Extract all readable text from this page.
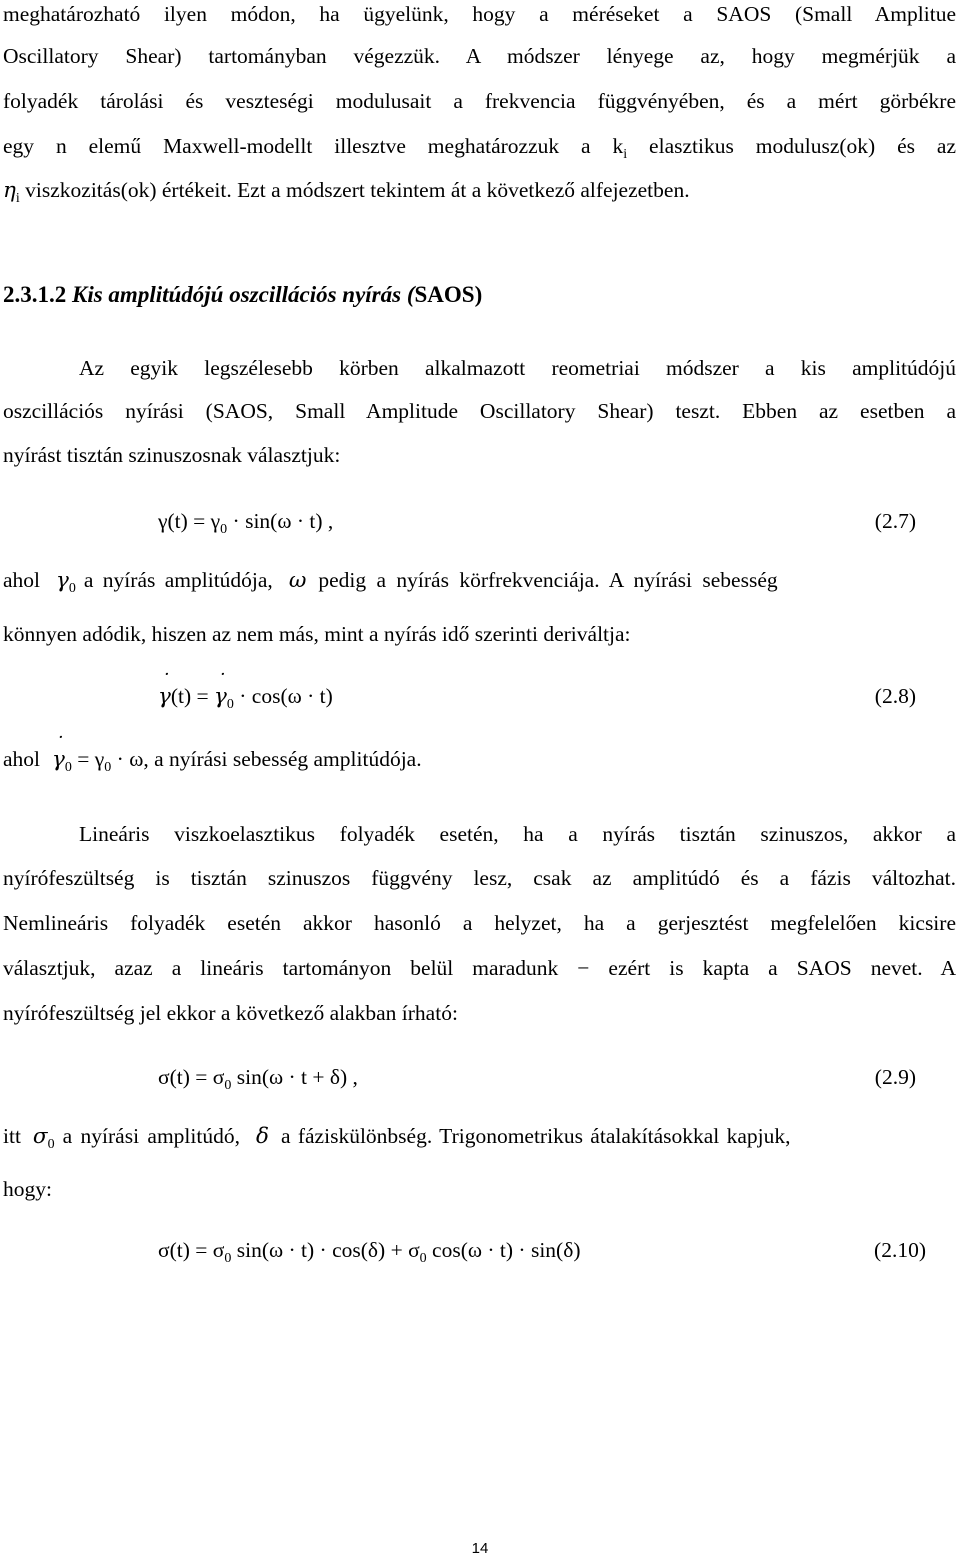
meghatározható ilyen módon, ha ügyelünk, hogy a méréseket a SAOS (Small Amplitue
Oscillatory Shear) tartományban végezzük. A módszer lényege az, hogy megmérjük a
folyadék tárolási és veszteségi modulusait a frekvencia függvényében, és a mért görbékre
egy n elemű Maxwell-modellt illesztve meghatározzuk a $k_i$ elasztikus modulusz(ok) és az
$\eta_i$ viszkozitás(ok) értékeit. Ezt a módszert tekintem át a következő alfejezetben.
2.3.1.2 Kis amplitúdójú oszcillációs nyírás (SAOS)
Az egyik legszélesebb körben alkalmazott reometriai módszer a kis amplitúdójú
oszcillációs nyírási (SAOS, Small Amplitude Oscillatory Shear) teszt. Ebben az esetben a
nyírást tisztán szinuszosnak választjuk:
$\gamma(t) = \gamma_0 \cdot \sin(\omega \cdot t)$ ,	(2.7)
ahol $\gamma_0$ a nyírás amplitúdója, ω pedig a nyírás körfrekvenciája. A nyírási sebesség
könnyen adódik, hiszen az nem más, mint a nyírás idő szerinti deriváltja:
γ ˙(t) = γ $˙_0 \cdot \cos(\omega \cdot t)$	(2.8)
ahol γ $˙_0 = \gamma_0 \cdot \omega$, a nyírási sebesség amplitúdója.
Lineáris viszkoelasztikus folyadék esetén, ha a nyírás tisztán szinuszos, akkor a
nyírófeszültség is tisztán szinuszos függvény lesz, csak az amplitúdó és a fázis változhat.
Nemlineáris folyadék esetén akkor hasonló a helyzet, ha a gerjesztést megfelelően kicsire
választjuk, azaz a lineáris tartományon belül maradunk − ezért is kapta a SAOS nevet. A
nyírófeszültség jel ekkor a következő alakban írható:
$\sigma(t) = \sigma_0$ sin(ω · t + δ) ,	(2.9)
itt $\sigma_0$ a nyírási amplitúdó, δ a fáziskülönbség. Trigonometrikus átalakításokkal kapjuk,
hogy:
$\sigma(t) = \sigma_0$ $\sin(\omega \cdot t) \cdot \cos(\delta) + \sigma_0$ cos(ω · t) · sin(δ)	(2.10)
14
